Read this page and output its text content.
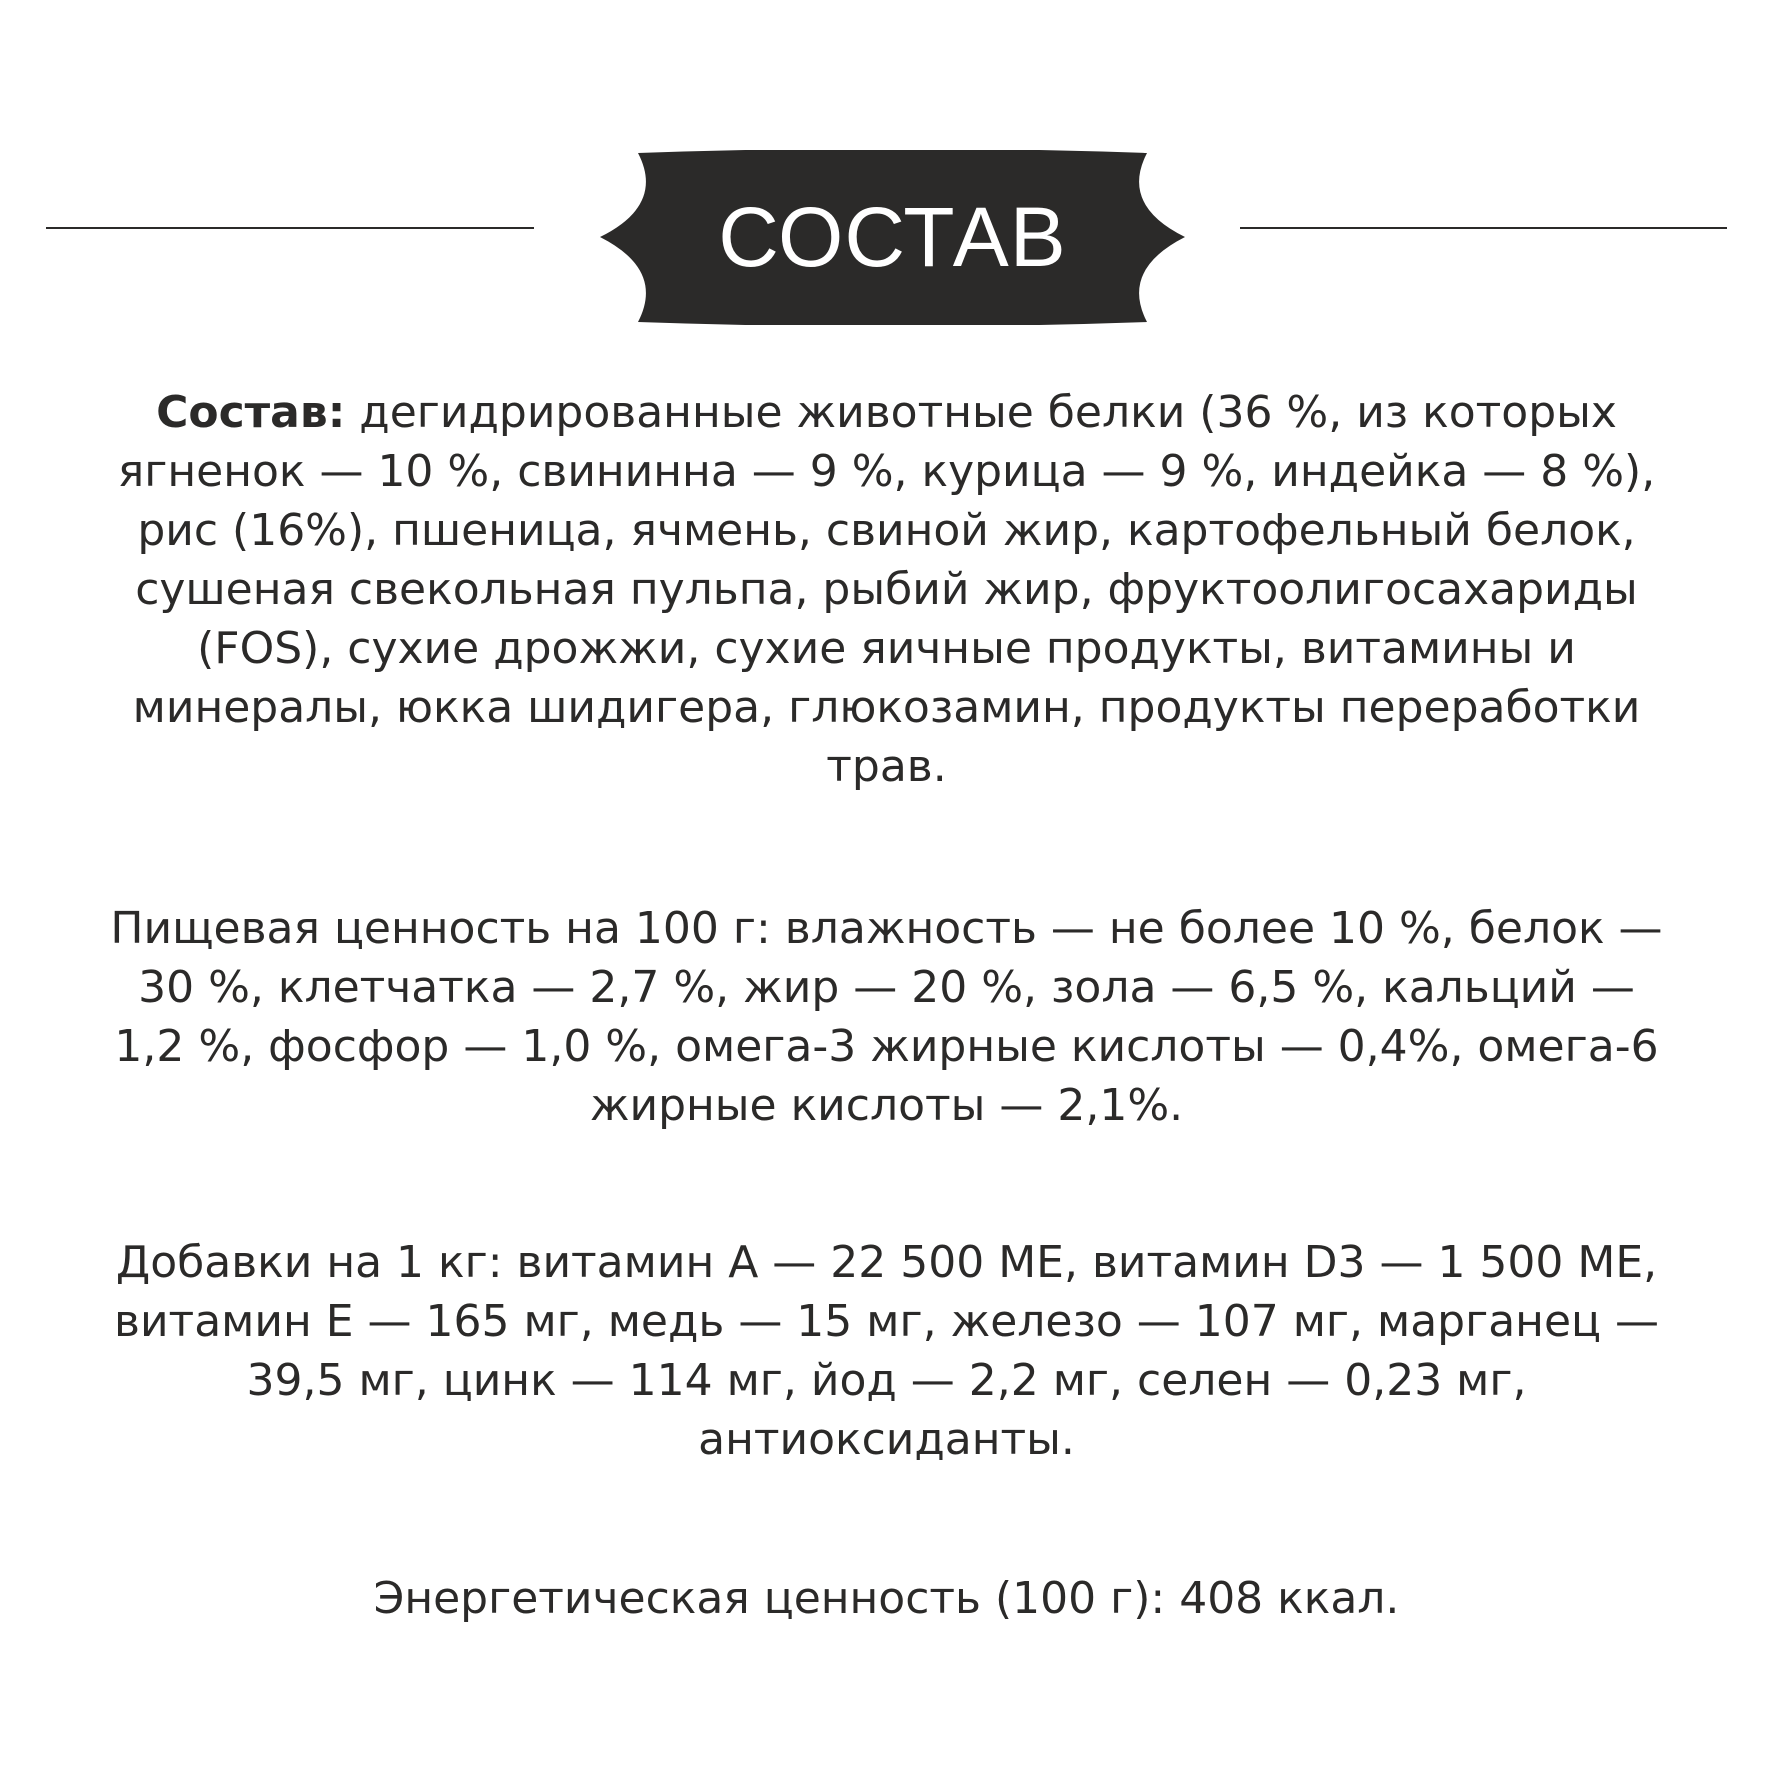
СОСТАВ

Состав: дегидрированные животные белки (36 %, из которых ягненок — 10 %, свининна — 9 %, курица — 9 %, индейка — 8 %), рис (16%), пшеница, ячмень, свиной жир, картофельный белок, сушеная свекольная пульпа, рыбий жир, фруктоолигосахариды (FOS), сухие дрожжи, сухие яичные продукты, витамины и минералы, юкка шидигера, глюкозамин, продукты переработки трав.

Пищевая ценность на 100 г: влажность — не более 10 %, белок — 30 %, клетчатка — 2,7 %, жир — 20 %, зола — 6,5 %, кальций — 1,2 %, фосфор — 1,0 %, омега-3 жирные кислоты — 0,4%, омега-6 жирные кислоты — 2,1%.

Добавки на 1 кг: витамин A — 22 500 МЕ, витамин D3 — 1 500 МЕ, витамин E — 165 мг, медь — 15 мг, железо — 107 мг, марганец — 39,5 мг, цинк — 114 мг, йод — 2,2 мг, селен — 0,23 мг, антиоксиданты.

Энергетическая ценность (100 г): 408 ккал.
